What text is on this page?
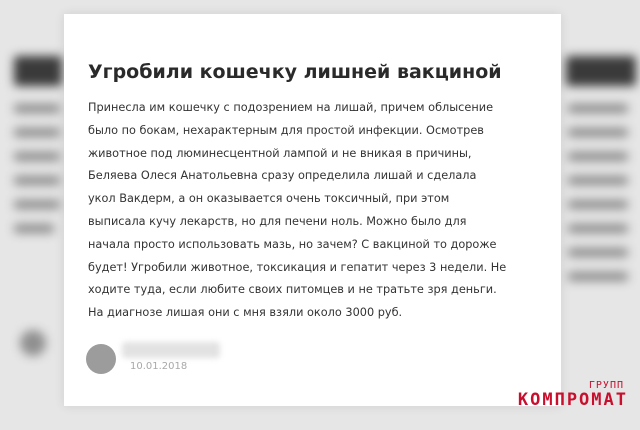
Угробили кошечку лишней вакциной

Принесла им кошечку с подозрением на лишай, причем облысение
было по бокам, нехарактерным для простой инфекции. Осмотрев
животное под люминесцентной лампой и не вникая в причины,
Беляева Олеся Анатольевна сразу определила лишай и сделала
укол Вакдерм, а он оказывается очень токсичный, при этом
выписала кучу лекарств, но для печени ноль. Можно было для
начала просто использовать мазь, но зачем? С вакциной то дороже
будет! Угробили животное, токсикация и гепатит через 3 недели. Не
ходите туда, если любите своих питомцев и не тратьте зря деньги.
На диагнозе лишая они с мня взяли около 3000 руб.

10.01.2018
ГРУПП
КОМПРОМАТ
